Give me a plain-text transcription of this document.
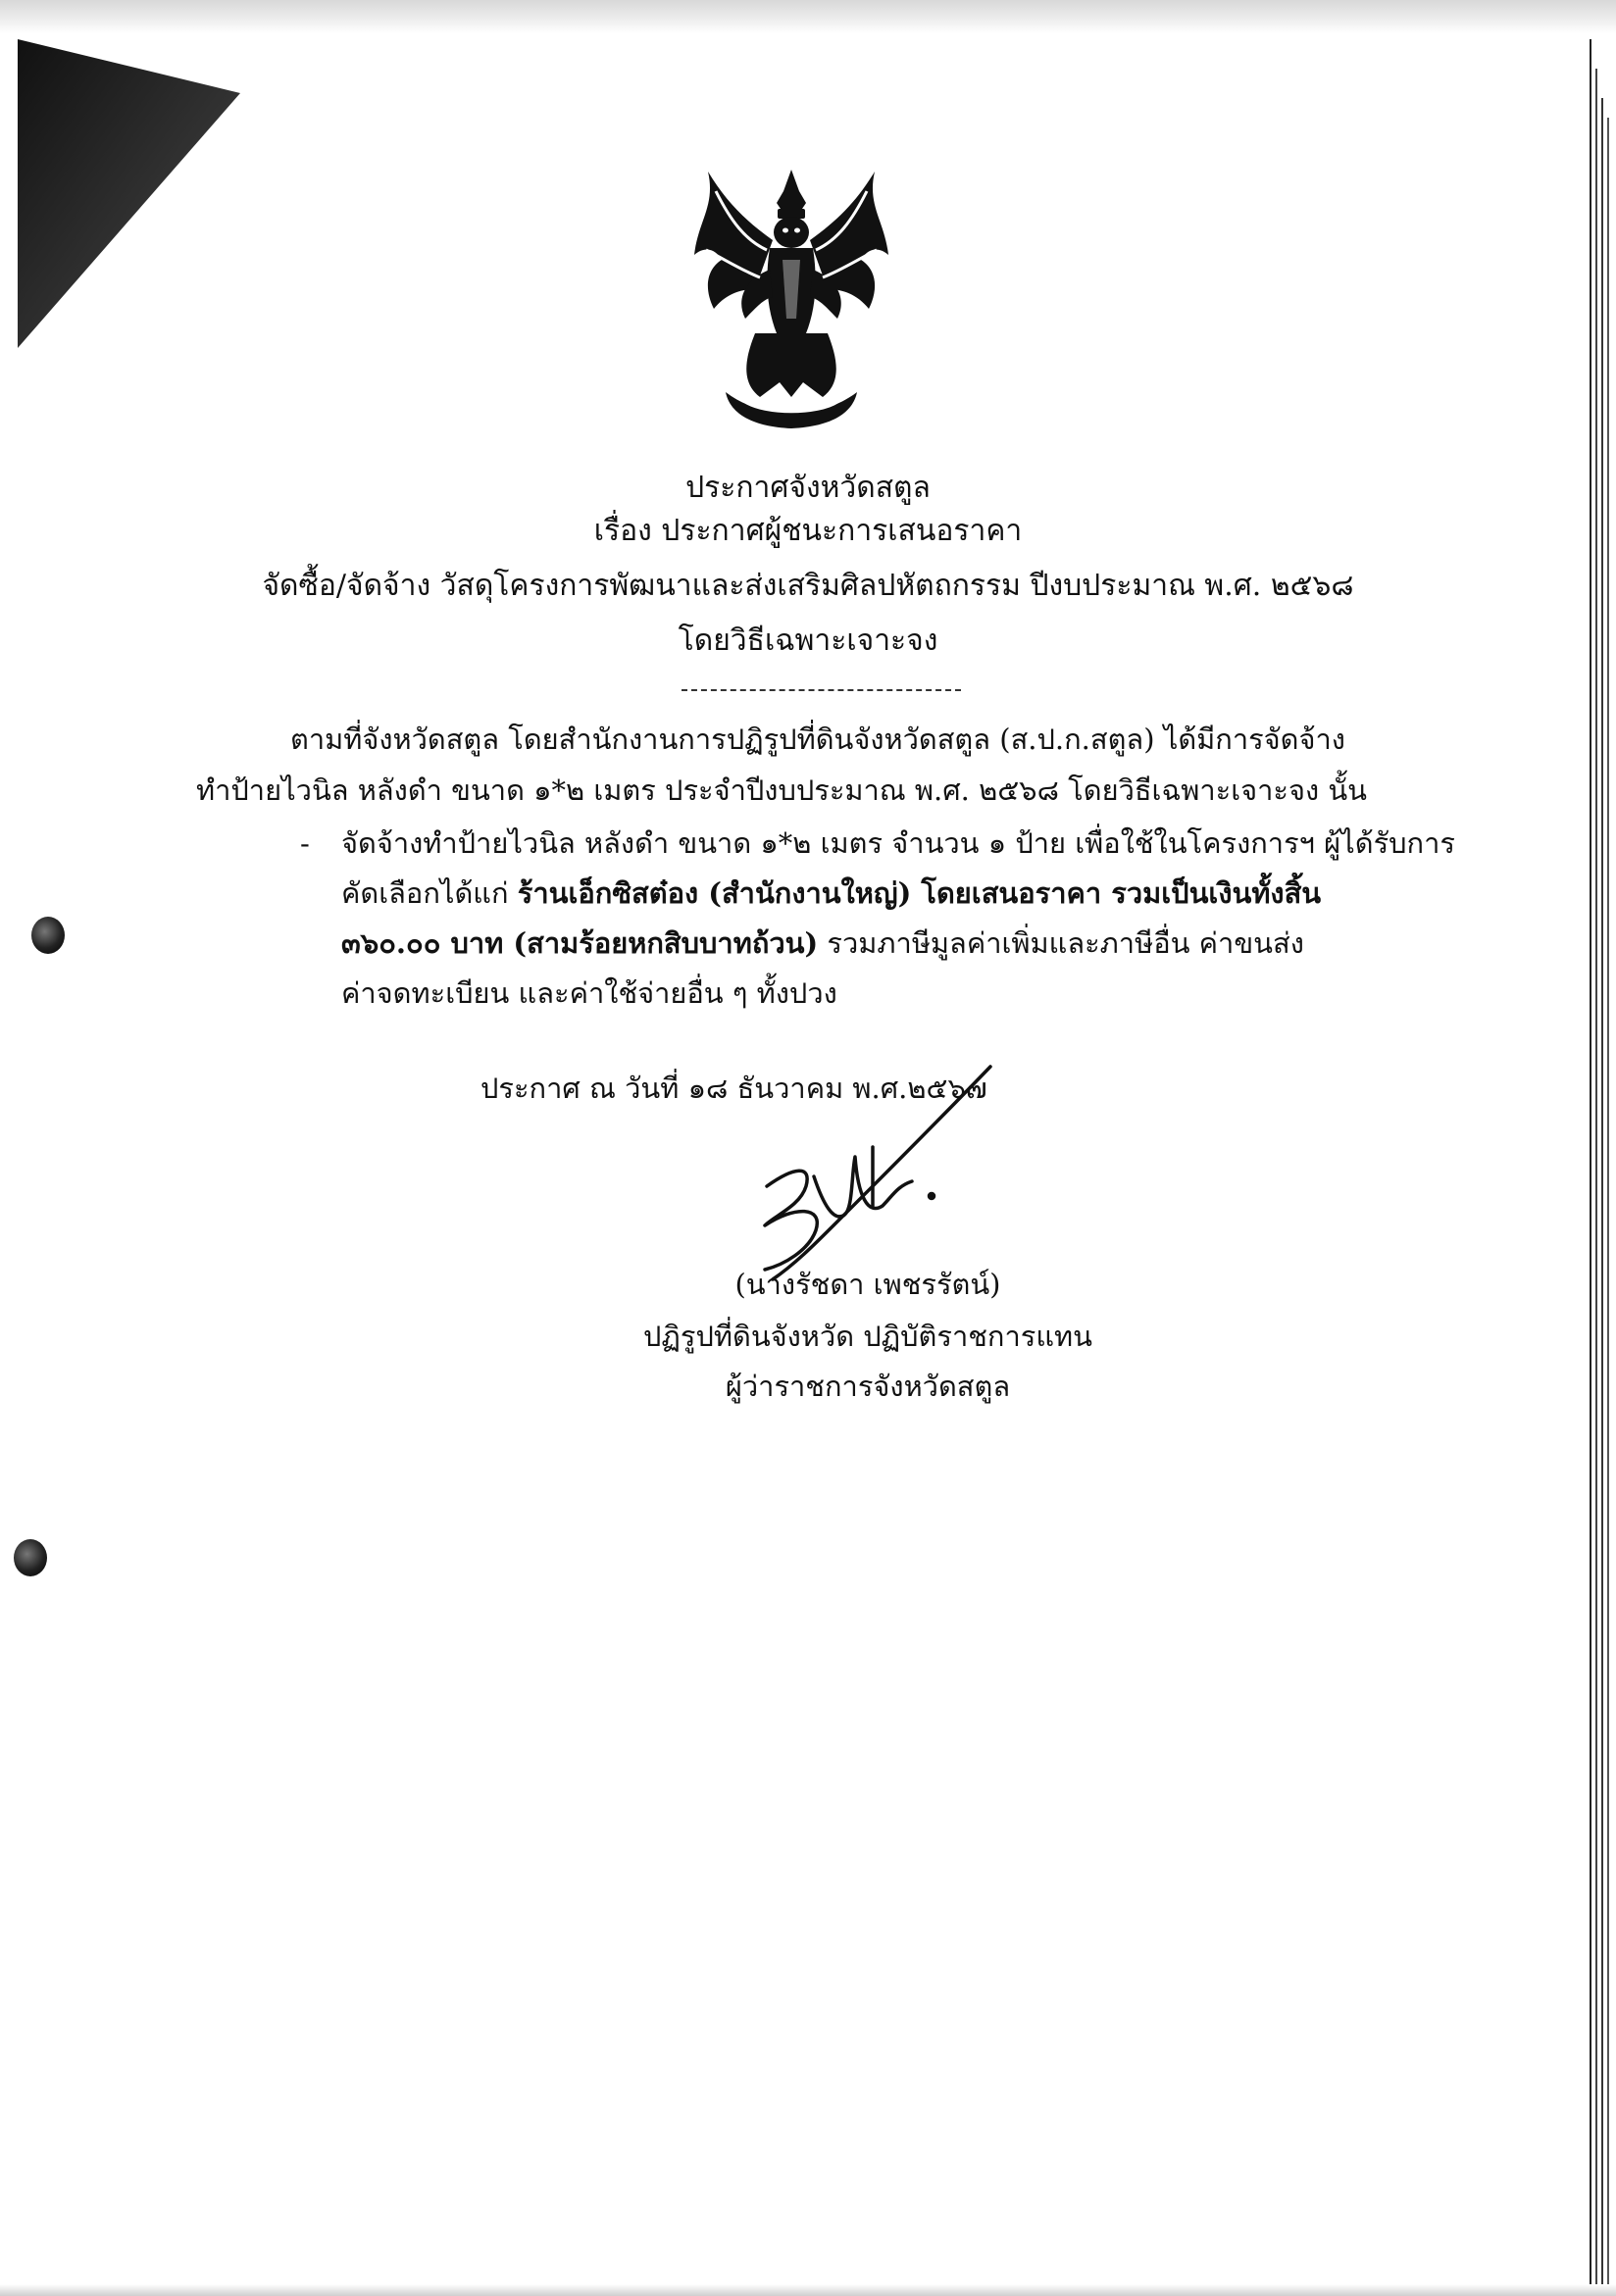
ประกาศจังหวัดสตูล
เรื่อง ประกาศผู้ชนะการเสนอราคา
จัดซื้อ/จัดจ้าง วัสดุโครงการพัฒนาและส่งเสริมศิลปหัตถกรรม ปีงบประมาณ พ.ศ. ๒๕๖๘
โดยวิธีเฉพาะเจาะจง
ตามที่จังหวัดสตูล โดยสำนักงานการปฏิรูปที่ดินจังหวัดสตูล (ส.ป.ก.สตูล) ได้มีการจัดจ้าง
ทำป้ายไวนิล หลังดำ ขนาด ๑*๒ เมตร ประจำปีงบประมาณ พ.ศ. ๒๕๖๘ โดยวิธีเฉพาะเจาะจง นั้น
- จัดจ้างทำป้ายไวนิล หลังดำ ขนาด ๑*๒ เมตร จำนวน ๑ ป้าย เพื่อใช้ในโครงการฯ ผู้ได้รับการ
คัดเลือกได้แก่ ร้านเอ็กซิสต๋อง (สำนักงานใหญ่) โดยเสนอราคา รวมเป็นเงินทั้งสิ้น
๓๖๐.๐๐ บาท (สามร้อยหกสิบบาทถ้วน) รวมภาษีมูลค่าเพิ่มและภาษีอื่น ค่าขนส่ง
ค่าจดทะเบียน และค่าใช้จ่ายอื่น ๆ ทั้งปวง
ประกาศ ณ วันที่ ๑๘ ธันวาคม พ.ศ.๒๕๖๗
(นางรัชดา เพชรรัตน์)
ปฏิรูปที่ดินจังหวัด ปฏิบัติราชการแทน
ผู้ว่าราชการจังหวัดสตูล
